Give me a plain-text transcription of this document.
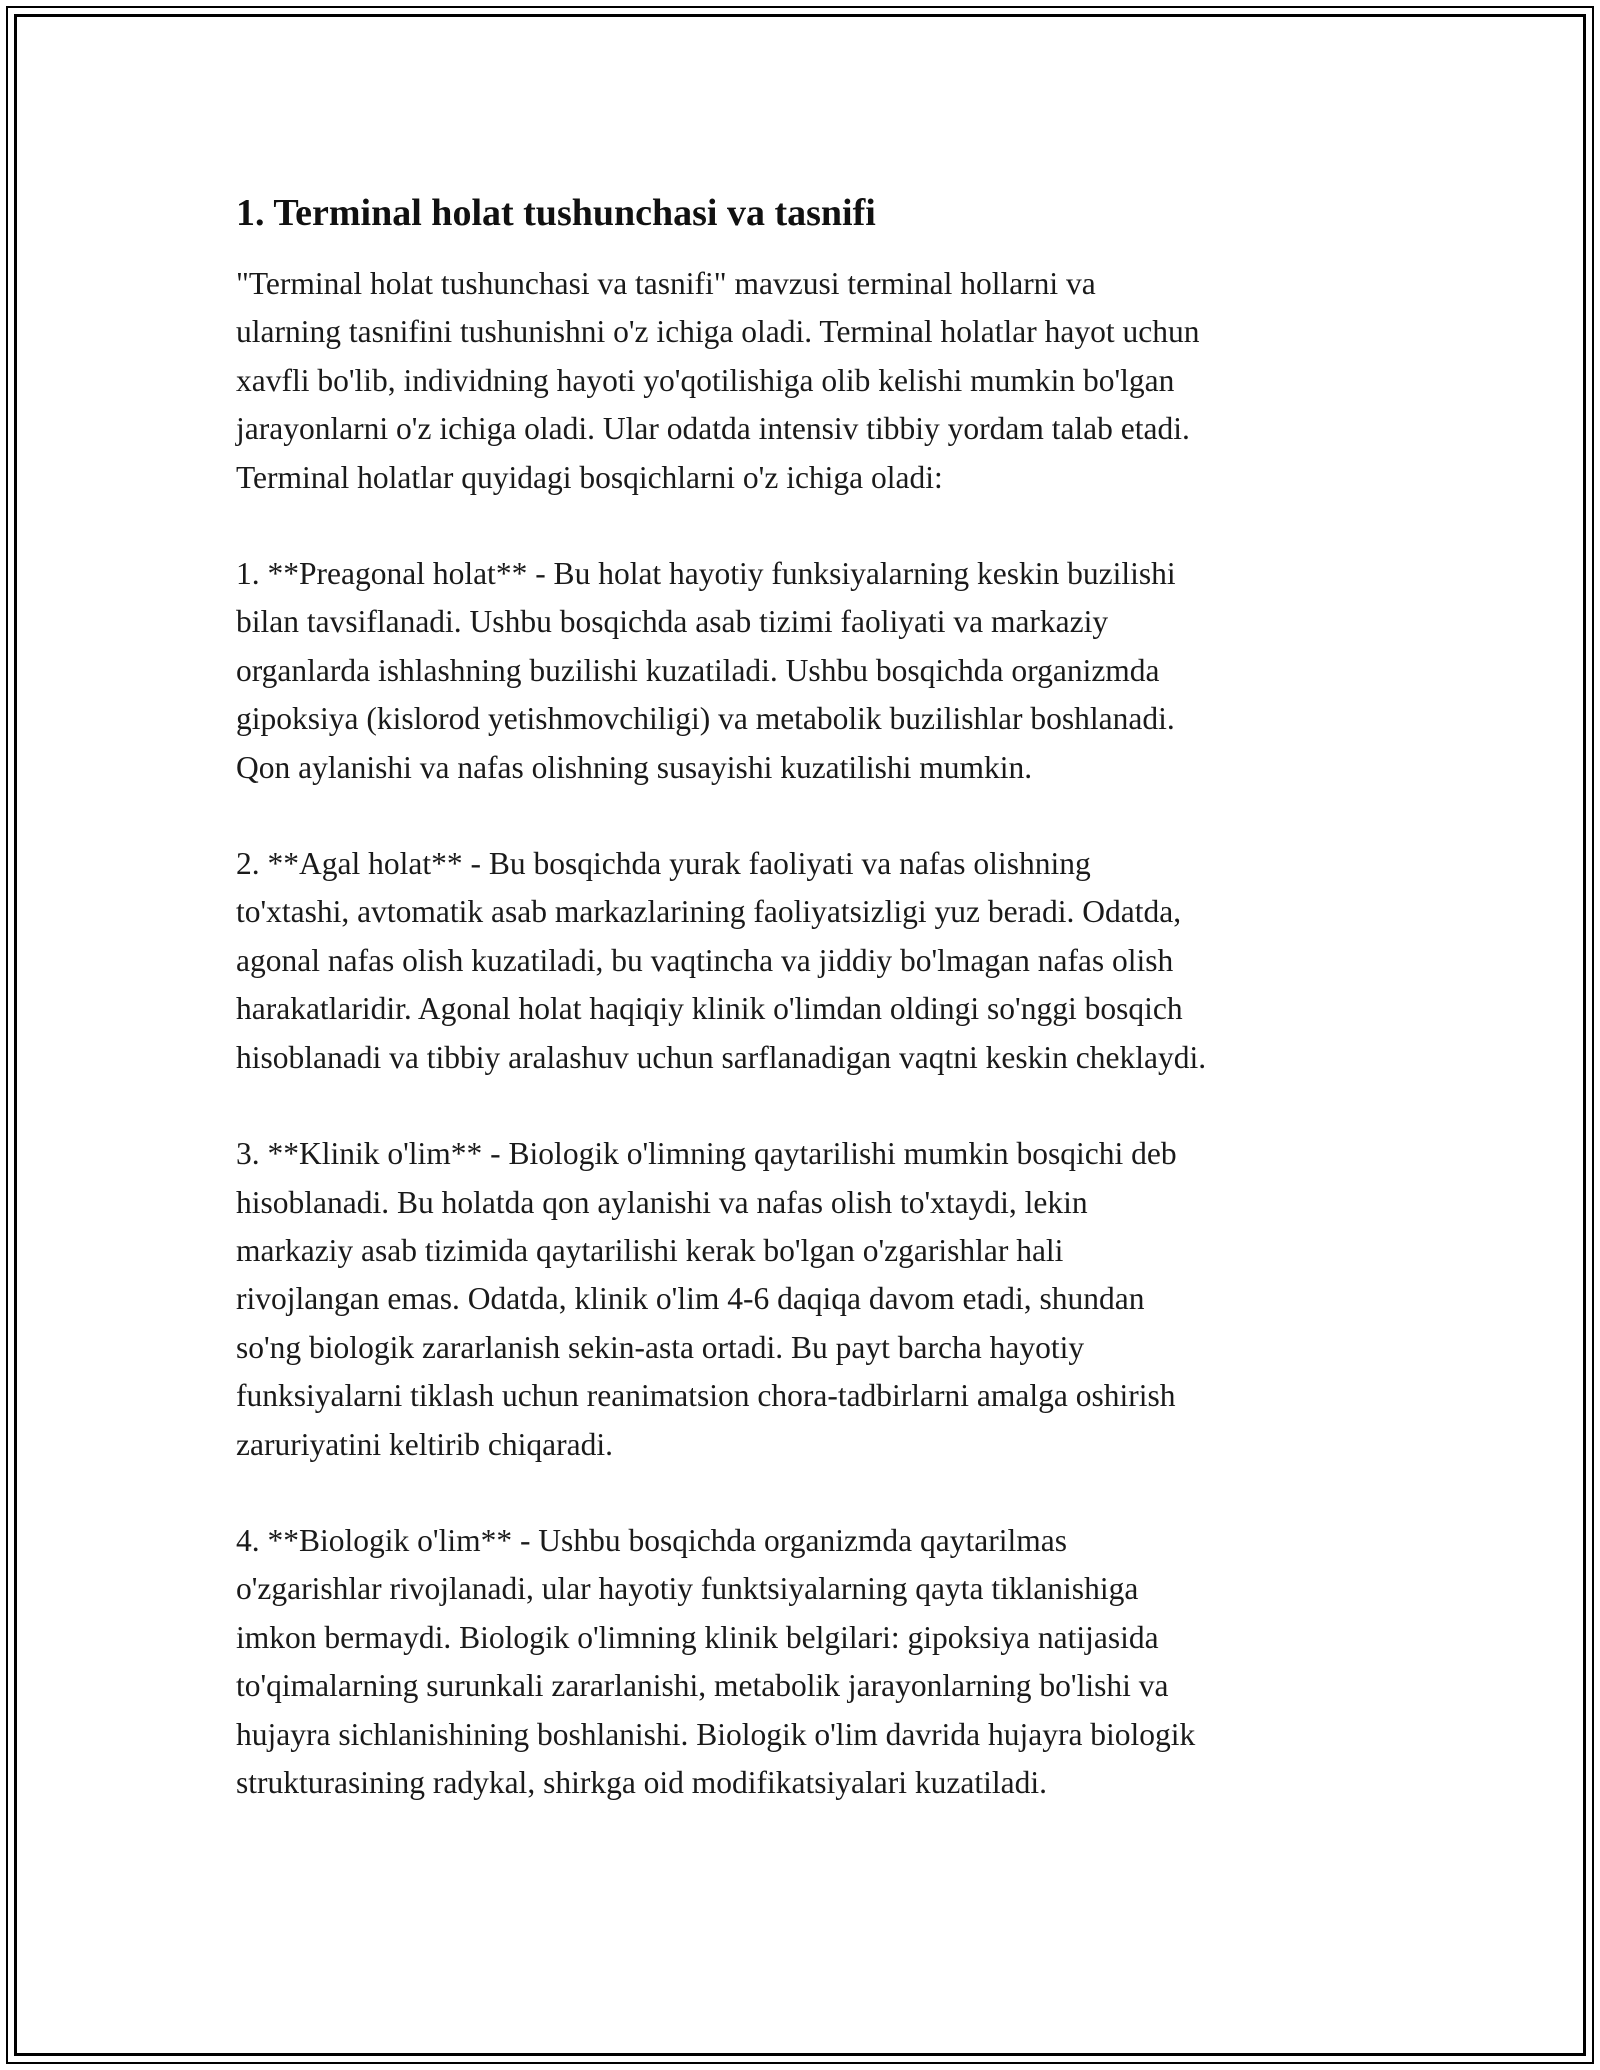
1. Terminal holat tushunchasi va tasnifi

"Terminal holat tushunchasi va tasnifi" mavzusi terminal hollarni va
ularning tasnifini tushunishni o'z ichiga oladi. Terminal holatlar hayot uchun
xavfli bo'lib, individning hayoti yo'qotilishiga olib kelishi mumkin bo'lgan
jarayonlarni o'z ichiga oladi. Ular odatda intensiv tibbiy yordam talab etadi.
Terminal holatlar quyidagi bosqichlarni o'z ichiga oladi:

1. **Preagonal holat** - Bu holat hayotiy funksiyalarning keskin buzilishi
bilan tavsiflanadi. Ushbu bosqichda asab tizimi faoliyati va markaziy
organlarda ishlashning buzilishi kuzatiladi. Ushbu bosqichda organizmda
gipoksiya (kislorod yetishmovchiligi) va metabolik buzilishlar boshlanadi.
Qon aylanishi va nafas olishning susayishi kuzatilishi mumkin.

2. **Agal holat** - Bu bosqichda yurak faoliyati va nafas olishning
to'xtashi, avtomatik asab markazlarining faoliyatsizligi yuz beradi. Odatda,
agonal nafas olish kuzatiladi, bu vaqtincha va jiddiy bo'lmagan nafas olish
harakatlaridir. Agonal holat haqiqiy klinik o'limdan oldingi so'nggi bosqich
hisoblanadi va tibbiy aralashuv uchun sarflanadigan vaqtni keskin cheklaydi.

3. **Klinik o'lim** - Biologik o'limning qaytarilishi mumkin bosqichi deb
hisoblanadi. Bu holatda qon aylanishi va nafas olish to'xtaydi, lekin
markaziy asab tizimida qaytarilishi kerak bo'lgan o'zgarishlar hali
rivojlangan emas. Odatda, klinik o'lim 4-6 daqiqa davom etadi, shundan
so'ng biologik zararlanish sekin-asta ortadi. Bu payt barcha hayotiy
funksiyalarni tiklash uchun reanimatsion chora-tadbirlarni amalga oshirish
zaruriyatini keltirib chiqaradi.

4. **Biologik o'lim** - Ushbu bosqichda organizmda qaytarilmas
o'zgarishlar rivojlanadi, ular hayotiy funktsiyalarning qayta tiklanishiga
imkon bermaydi. Biologik o'limning klinik belgilari: gipoksiya natijasida
to'qimalarning surunkali zararlanishi, metabolik jarayonlarning bo'lishi va
hujayra sichlanishining boshlanishi. Biologik o'lim davrida hujayra biologik
strukturasining radykal, shirkga oid modifikatsiyalari kuzatiladi.
